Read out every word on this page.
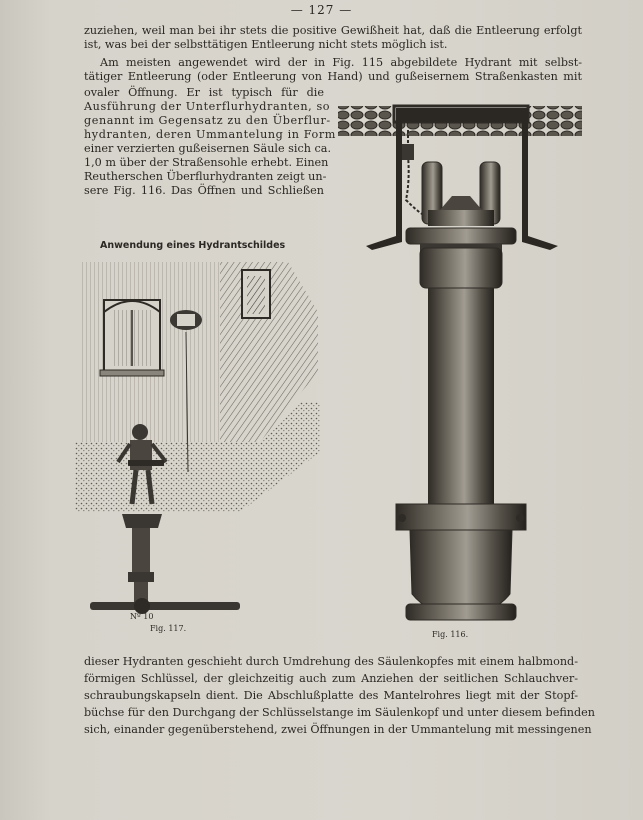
— 127 —
zuziehen, weil man bei ihr stets die positive Gewißheit hat, daß die Entleerung erfolgt
ist, was bei der selbsttätigen Entleerung nicht stets möglich ist.
Am meisten angewendet wird der in Fig. 115 abgebildete Hydrant mit selbst-
tätiger Entleerung (oder Entleerung von Hand) und gußeisernem Straßenkasten mit
ovaler Öffnung. Er ist typisch für die
Ausführung der Unterflurhydranten, so
genannt im Gegensatz zu den Überflur-
hydranten, deren Ummantelung in Form
einer verzierten gußeisernen Säule sich ca.
1,0 m über der Straßensohle erhebt. Einen
Reutherschen Überflurhydranten zeigt un-
sere Fig. 116. Das Öffnen und Schließen
Anwendung eines Hydrantschildes
Nº 10
Fig. 117.
Fig. 116.
dieser Hydranten geschieht durch Umdrehung des Säulenkopfes mit einem halbmond-
förmigen Schlüssel, der gleichzeitig auch zum Anziehen der seitlichen Schlauchver-
schraubungskapseln dient. Die Abschlußplatte des Mantelrohres liegt mit der Stopf-
büchse für den Durchgang der Schlüsselstange im Säulenkopf und unter diesem befinden
sich, einander gegenüberstehend, zwei Öffnungen in der Ummantelung mit messingenen
